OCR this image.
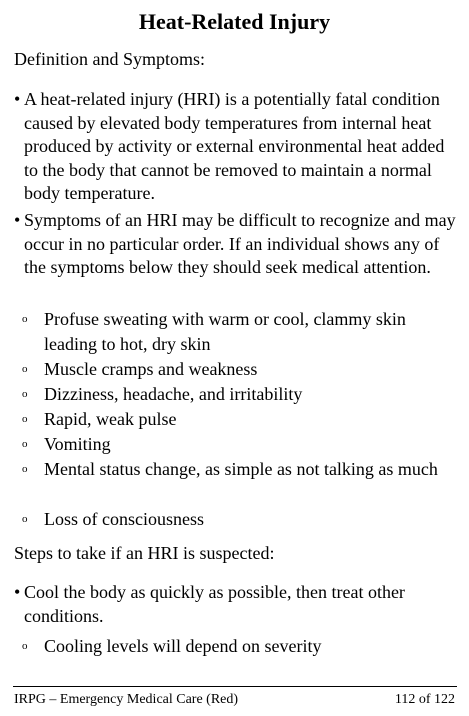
Heat-Related Injury
Definition and Symptoms:
• A heat-related injury (HRI) is a potentially fatal condition caused by elevated body temperatures from internal heat produced by activity or external environmental heat added to the body that cannot be removed to maintain a normal body temperature.
• Symptoms of an HRI may be difficult to recognize and may occur in no particular order. If an individual shows any of the symptoms below they should seek medical attention.
o Profuse sweating with warm or cool, clammy skin leading to hot, dry skin
o Muscle cramps and weakness
o Dizziness, headache, and irritability
o Rapid, weak pulse
o Vomiting
o Mental status change, as simple as not talking as much
o Loss of consciousness
Steps to take if an HRI is suspected:
• Cool the body as quickly as possible, then treat other conditions.
o Cooling levels will depend on severity
IRPG – Emergency Medical Care (Red)	112 of 122
